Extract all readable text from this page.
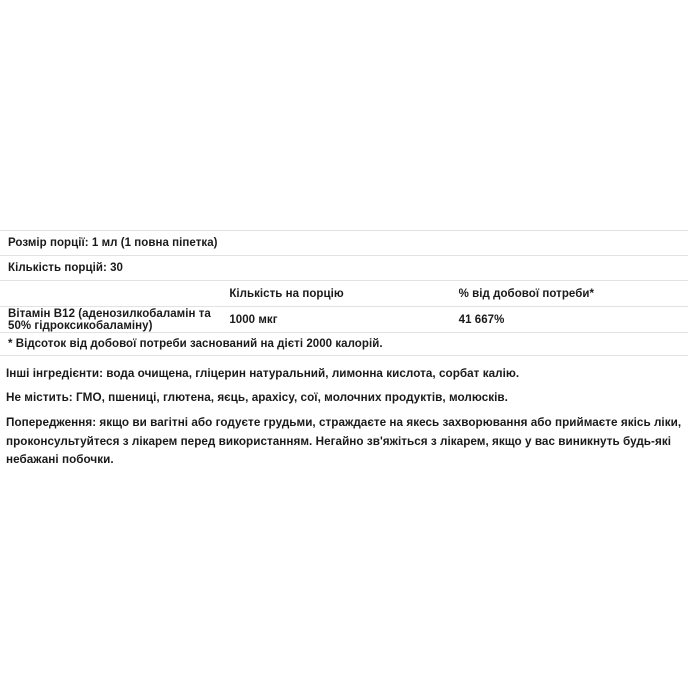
Розмір порції: 1 мл (1 повна піпетка)		
Кількість порцій: 30		
	Кількість на порцію	% від добової потреби*
Вітамін B12 (аденозилкобаламін та 50% гідроксикобаламіну)	1000 мкг	41 667%
* Відсоток від добової потреби заснований на дієті 2000 калорій.		

Інші інгредієнти: вода очищена, гліцерин натуральний, лимонна кислота, сорбат калію.

Не містить: ГМО, пшениці, глютена, яєць, арахісу, сої, молочних продуктів, молюсків.

Попередження: якщо ви вагітні або годуєте грудьми, страждаєте на якесь захворювання або приймаєте якісь ліки, проконсультуйтеся з лікарем перед використанням. Негайно зв'яжіться з лікарем, якщо у вас виникнуть будь-які небажані побочки.
